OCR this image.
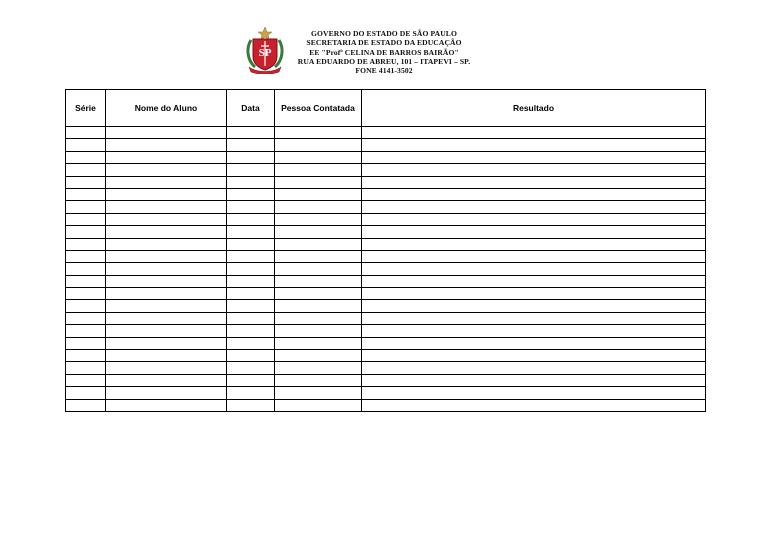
SP
GOVERNO DO ESTADO DE SÃO PAULO
SECRETARIA DE ESTADO DA EDUCAÇÃO
EE "Profª CELINA DE BARROS BAIRÃO"
RUA EDUARDO DE ABREU, 101 – ITAPEVI – SP.
FONE 4141-3502
Série	Nome do Aluno	Data	Pessoa Contatada	Resultado
